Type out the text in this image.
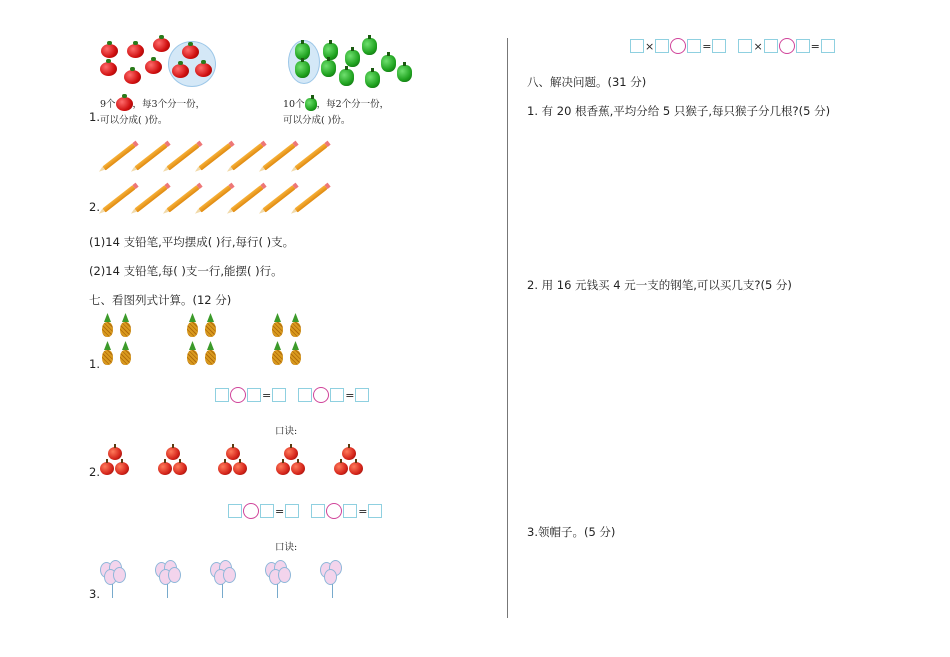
9个 ，每3个分一份，
1. 可以分成( )份。
10个 ，每2个分一份，
可以分成( )份。
2.
(1)14 支铅笔,平均摆成( )行,每行( )支。
(2)14 支铅笔,每( )支一行,能摆( )行。
七、看图列式计算。(12 分)
1.
2.
3.
口诀:
口诀:
=	=
=	=
×	=	×	=
八、解决问题。(31 分)
1. 有 20 根香蕉,平均分给 5 只猴子,每只猴子分几根?(5 分)
2. 用 16 元钱买 4 元一支的钢笔,可以买几支?(5 分)
3.领帽子。(5 分)
